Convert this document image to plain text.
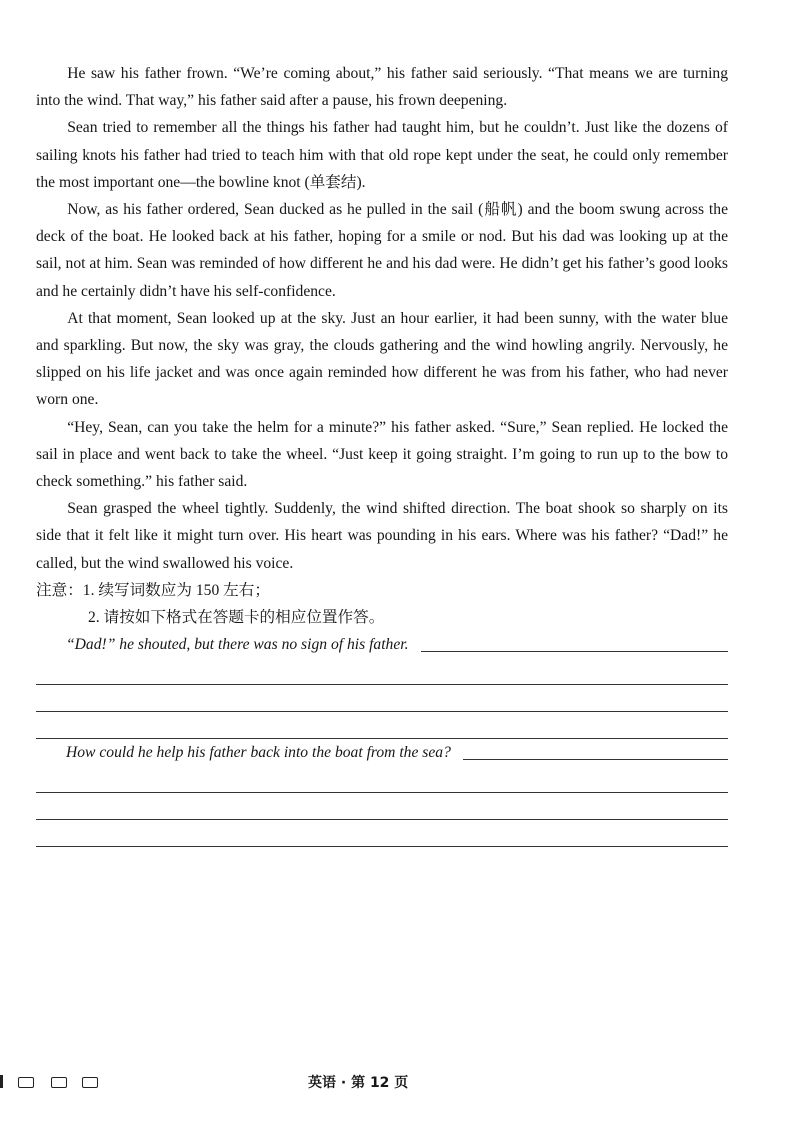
He saw his father frown. “We’re coming about,” his father said seriously. “That means we are turning into the wind. That way,” his father said after a pause, his frown deepening.

Sean tried to remember all the things his father had taught him, but he couldn’t. Just like the dozens of sailing knots his father had tried to teach him with that old rope kept under the seat, he could only remember the most important one—the bowline knot (单套结).

Now, as his father ordered, Sean ducked as he pulled in the sail (船帆) and the boom swung across the deck of the boat. He looked back at his father, hoping for a smile or nod. But his dad was looking up at the sail, not at him. Sean was reminded of how different he and his dad were. He didn’t get his father’s good looks and he certainly didn’t have his self-confidence.

At that moment, Sean looked up at the sky. Just an hour earlier, it had been sunny, with the water blue and sparkling. But now, the sky was gray, the clouds gathering and the wind howling angrily. Nervously, he slipped on his life jacket and was once again reminded how different he was from his father, who had never worn one.

“Hey, Sean, can you take the helm for a minute?” his father asked. “Sure,” Sean replied. He locked the sail in place and went back to take the wheel. “Just keep it going straight. I’m going to run up to the bow to check something.” his father said.

Sean grasped the wheel tightly. Suddenly, the wind shifted direction. The boat shook so sharply on its side that it felt like it might turn over. His heart was pounding in his ears. Where was his father? “Dad!” he called, but the wind swallowed his voice.

注意：1. 续写词数应为 150 左右；
2. 请按如下格式在答题卡的相应位置作答。
“Dad!” he shouted, but there was no sign of his father.
How could he help his father back into the boat from the sea?
英语 · 第 12 页
